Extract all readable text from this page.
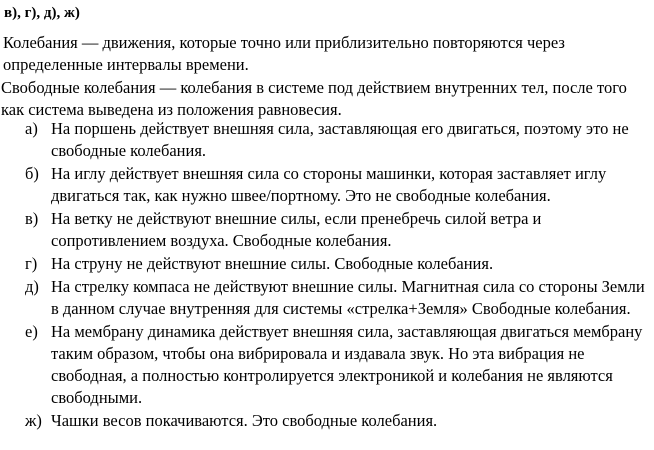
в), г), д), ж)
Колебания — движения, которые точно или приблизительно повторяются через определенные интервалы времени.
Свободные колебания — колебания в системе под действием внутренних тел, после того как система выведена из положения равновесия.
а) На поршень действует внешняя сила, заставляющая его двигаться, поэтому это не свободные колебания.
б) На иглу действует внешняя сила со стороны машинки, которая заставляет иглу двигаться так, как нужно швее/портному. Это не свободные колебания.
в) На ветку не действуют внешние силы, если пренебречь силой ветра и сопротивлением воздуха. Свободные колебания.
г) На струну не действуют внешние силы. Свободные колебания.
д) На стрелку компаса не действуют внешние силы. Магнитная сила со стороны Земли в данном случае внутренняя для системы «стрелка+Земля» Свободные колебания.
е) На мембрану динамика действует внешняя сила, заставляющая двигаться мембрану таким образом, чтобы она вибрировала и издавала звук. Но эта вибрация не свободная, а полностью контролируется электроникой и колебания не являются свободными.
ж) Чашки весов покачиваются. Это свободные колебания.
